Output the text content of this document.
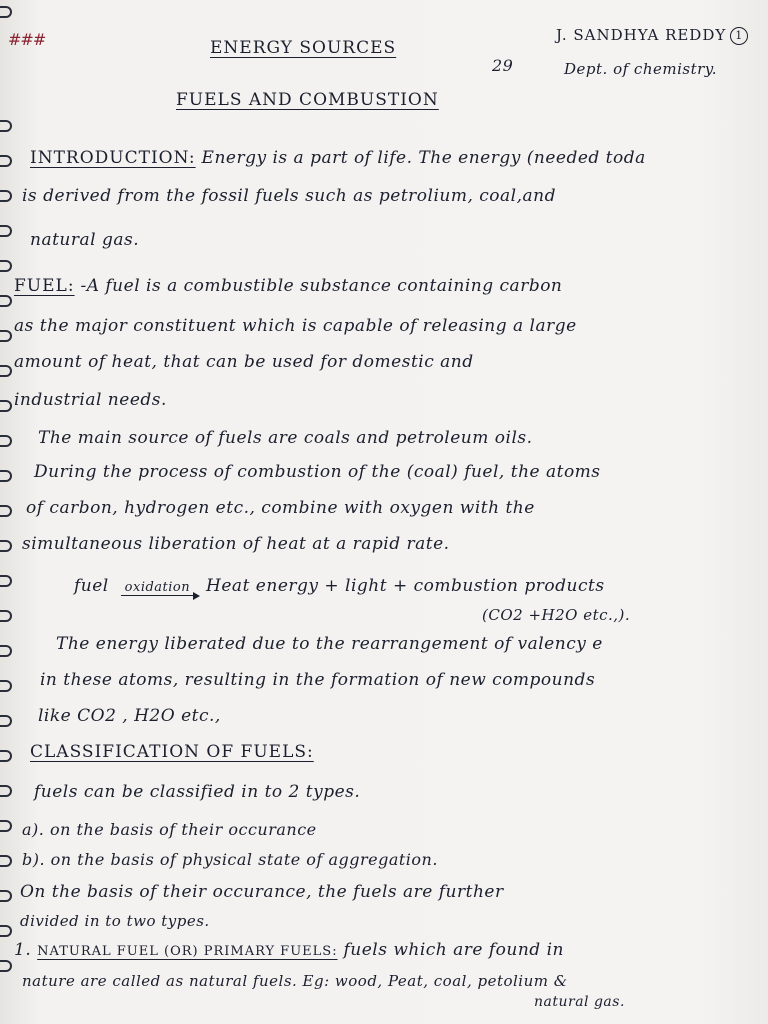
###	ENERGY SOURCES
J. SANDHYA REDDY 1
29	Dept. of chemistry.
FUELS AND COMBUSTION
INTRODUCTION: Energy is a part of life. The energy (needed toda
is derived from the fossil fuels such as petrolium, coal,and
natural gas.
FUEL: -A fuel is a combustible substance containing carbon
as the major constituent which is capable of releasing a large
amount of heat, that can be used for domestic and
industrial needs.
The main source of fuels are coals and petroleum oils.
During the process of combustion of the (coal) fuel, the atoms
of carbon, hydrogen etc., combine with oxygen with the
simultaneous liberation of heat at a rapid rate.
fuel oxidation Heat energy + light + combustion products
(CO2 +H2O etc.,).
The energy liberated due to the rearrangement of valency e
in these atoms, resulting in the formation of new compounds
like CO2 , H2O etc.,
CLASSIFICATION OF FUELS:
fuels can be classified in to 2 types.
a). on the basis of their occurance
b). on the basis of physical state of aggregation.
On the basis of their occurance, the fuels are further
divided in to two types.
1. NATURAL FUEL (OR) PRIMARY FUELS: fuels which are found in
nature are called as natural fuels. Eg: wood, Peat, coal, petolium &
natural gas.
